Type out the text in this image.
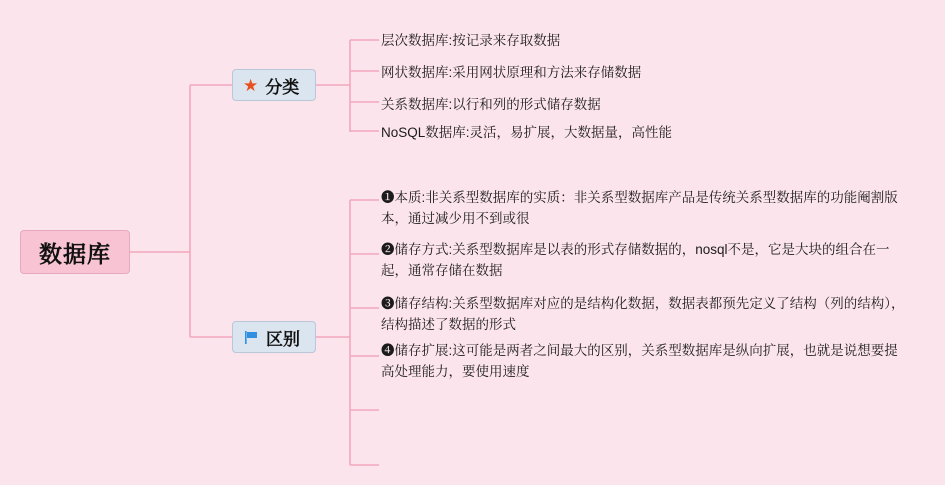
数据库
★ 分类
区别
层次数据库:按记录来存取数据
网状数据库:采用网状原理和方法来存储数据
关系数据库:以行和列的形式储存数据
NoSQL数据库:灵活，易扩展，大数据量，高性能
❶本质:非关系型数据库的实质：非关系型数据库产品是传统关系型数据库的功能阉割版本，通过减少用不到或很
❷储存方式:关系型数据库是以表的形式存储数据的，nosql不是，它是大块的组合在一起，通常存储在数据
❸储存结构:关系型数据库对应的是结构化数据，数据表都预先定义了结构（列的结构），结构描述了数据的形式
❹储存扩展:这可能是两者之间最大的区别，关系型数据库是纵向扩展，也就是说想要提高处理能力，要使用速度
